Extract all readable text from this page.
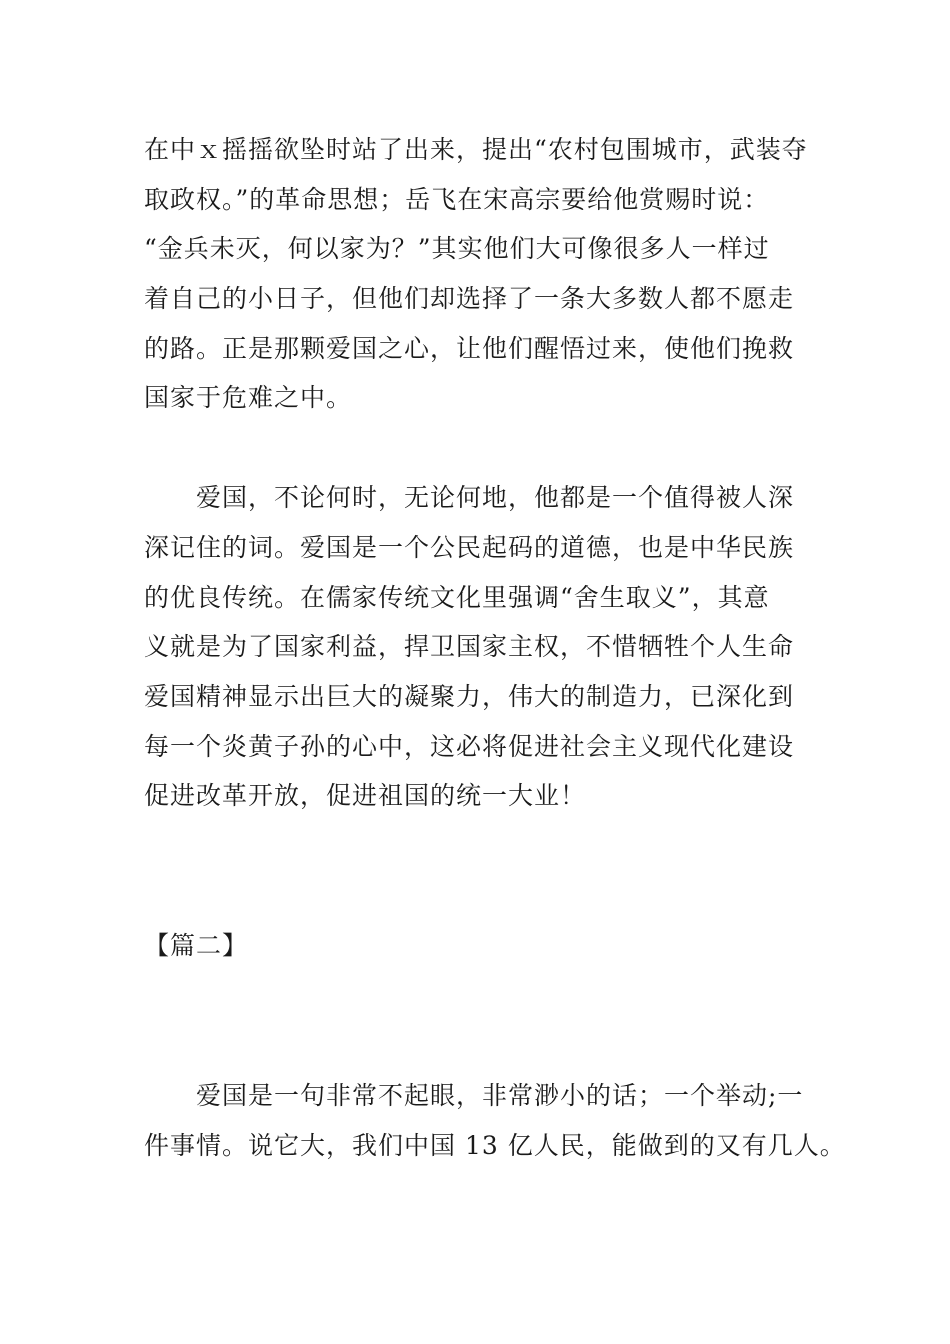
在中ｘ摇摇欲坠时站了出来，提出“农村包围城市，武装夺
取政权。”的革命思想；岳飞在宋高宗要给他赏赐时说：
“金兵未灭，何以家为？”其实他们大可像很多人一样过
着自己的小日子，但他们却选择了一条大多数人都不愿走
的路。正是那颗爱国之心，让他们醒悟过来，使他们挽救
国家于危难之中。
爱国，不论何时，无论何地，他都是一个值得被人深
深记住的词。爱国是一个公民起码的道德，也是中华民族
的优良传统。在儒家传统文化里强调“舍生取义”，其意
义就是为了国家利益，捍卫国家主权，不惜牺牲个人生命
爱国精神显示出巨大的凝聚力，伟大的制造力，已深化到
每一个炎黄子孙的心中，这必将促进社会主义现代化建设
促进改革开放，促进祖国的统一大业！
【篇二】
爱国是一句非常不起眼，非常渺小的话；一个举动;一
件事情。说它大，我们中国 13 亿人民，能做到的又有几人。
